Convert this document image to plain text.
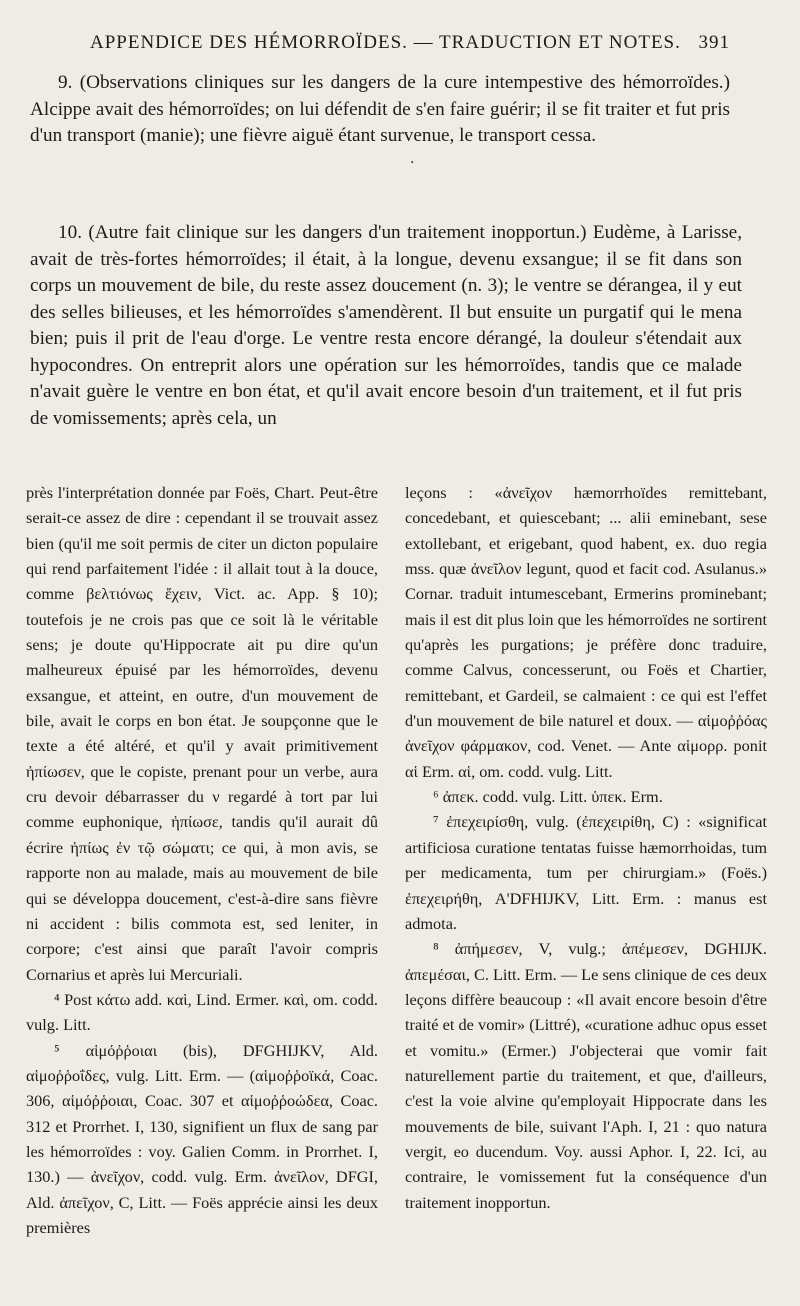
APPENDICE DES HÉMORROÏDES. — TRADUCTION ET NOTES. 391

9. (Observations cliniques sur les dangers de la cure intempestive des hémorroïdes.) Alcippe avait des hémorroïdes; on lui défendit de s'en faire guérir; il se fit traiter et fut pris d'un transport (manie); une fièvre aiguë étant survenue, le transport cessa.

·

10. (Autre fait clinique sur les dangers d'un traitement inopportun.) Eudème, à Larisse, avait de très-fortes hémorroïdes; il était, à la longue, devenu exsangue; il se fit dans son corps un mouvement de bile, du reste assez doucement (n. 3); le ventre se dérangea, il y eut des selles bilieuses, et les hémorroïdes s'amendèrent. Il but ensuite un purgatif qui le mena bien; puis il prit de l'eau d'orge. Le ventre resta encore dérangé, la douleur s'étendait aux hypocondres. On entreprit alors une opération sur les hémorroïdes, tandis que ce malade n'avait guère le ventre en bon état, et qu'il avait encore besoin d'un traitement, et il fut pris de vomissements; après cela, un

près l'interprétation donnée par Foës, Chart. Peut-être serait-ce assez de dire : cependant il se trouvait assez bien (qu'il me soit permis de citer un dicton populaire qui rend parfaitement l'idée : il allait tout à la douce, comme βελτιόνως ἔχειν, Vict. ac. App. § 10); toutefois je ne crois pas que ce soit là le véritable sens; je doute qu'Hippocrate ait pu dire qu'un malheureux épuisé par les hémorroïdes, devenu exsangue, et atteint, en outre, d'un mouvement de bile, avait le corps en bon état. Je soupçonne que le texte a été altéré, et qu'il y avait primitivement ἠπίωσεν, que le copiste, prenant pour un verbe, aura cru devoir débarrasser du ν regardé à tort par lui comme euphonique, ἠπίωσε, tandis qu'il aurait dû écrire ἠπίως ἐν τῷ σώματι; ce qui, à mon avis, se rapporte non au malade, mais au mouvement de bile qui se développa doucement, c'est-à-dire sans fièvre ni accident : bilis commota est, sed leniter, in corpore; c'est ainsi que paraît l'avoir compris Cornarius et après lui Mercuriali.

⁴ Post κάτω add. καὶ, Lind. Ermer. καὶ, om. codd. vulg. Litt.

⁵ αἱμόῤῥοιαι (bis), DFGHIJKV, Ald. αἱμοῤῥοΐδες, vulg. Litt. Erm. — (αἱμοῤῥοϊκά, Coac. 306, αἱμόῤῥοιαι, Coac. 307 et αἱμοῤῥοώδεα, Coac. 312 et Prorrhet. I, 130, signifient un flux de sang par les hémorroïdes : voy. Galien Comm. in Prorrhet. I, 130.) — ἀνεῖχον, codd. vulg. Erm. ἀνεῖλον, DFGI, Ald. ἀπεῖχον, C, Litt. — Foës apprécie ainsi les deux premières

leçons : «ἀνεῖχον hæmorrhoïdes remittebant, concedebant, et quiescebant; ... alii eminebant, sese extollebant, et erigebant, quod habent, ex. duo regia mss. quæ ἀνεῖλον legunt, quod et facit cod. Asulanus.» Cornar. traduit intumescebant, Ermerins prominebant; mais il est dit plus loin que les hémorroïdes ne sortirent qu'après les purgations; je préfère donc traduire, comme Calvus, concesserunt, ou Foës et Chartier, remittebant, et Gardeil, se calmaient : ce qui est l'effet d'un mouvement de bile naturel et doux. — αἱμοῤῥόας ἀνεῖχον φάρμακον, cod. Venet. — Ante αἱμορρ. ponit αἱ Erm. αἱ, om. codd. vulg. Litt.

⁶ ἀπεκ. codd. vulg. Litt. ὑπεκ. Erm.

⁷ ἐπεχειρίσθη, vulg. (ἐπεχειρίθη, C) : «significat artificiosa curatione tentatas fuisse hæmorrhoidas, tum per medicamenta, tum per chirurgiam.» (Foës.) ἐπεχειρήθη, A'DFHIJKV, Litt. Erm. : manus est admota.

⁸ ἀπήμεσεν, V, vulg.; ἀπέμεσεν, DGHIJK. ἀπεμέσαι, C. Litt. Erm. — Le sens clinique de ces deux leçons diffère beaucoup : «Il avait encore besoin d'être traité et de vomir» (Littré), «curatione adhuc opus esset et vomitu.» (Ermer.) J'objecterai que vomir fait naturellement partie du traitement, et que, d'ailleurs, c'est la voie alvine qu'employait Hippocrate dans les mouvements de bile, suivant l'Aph. I, 21 : quo natura vergit, eo ducendum. Voy. aussi Aphor. I, 22. Ici, au contraire, le vomissement fut la conséquence d'un traitement inopportun.
